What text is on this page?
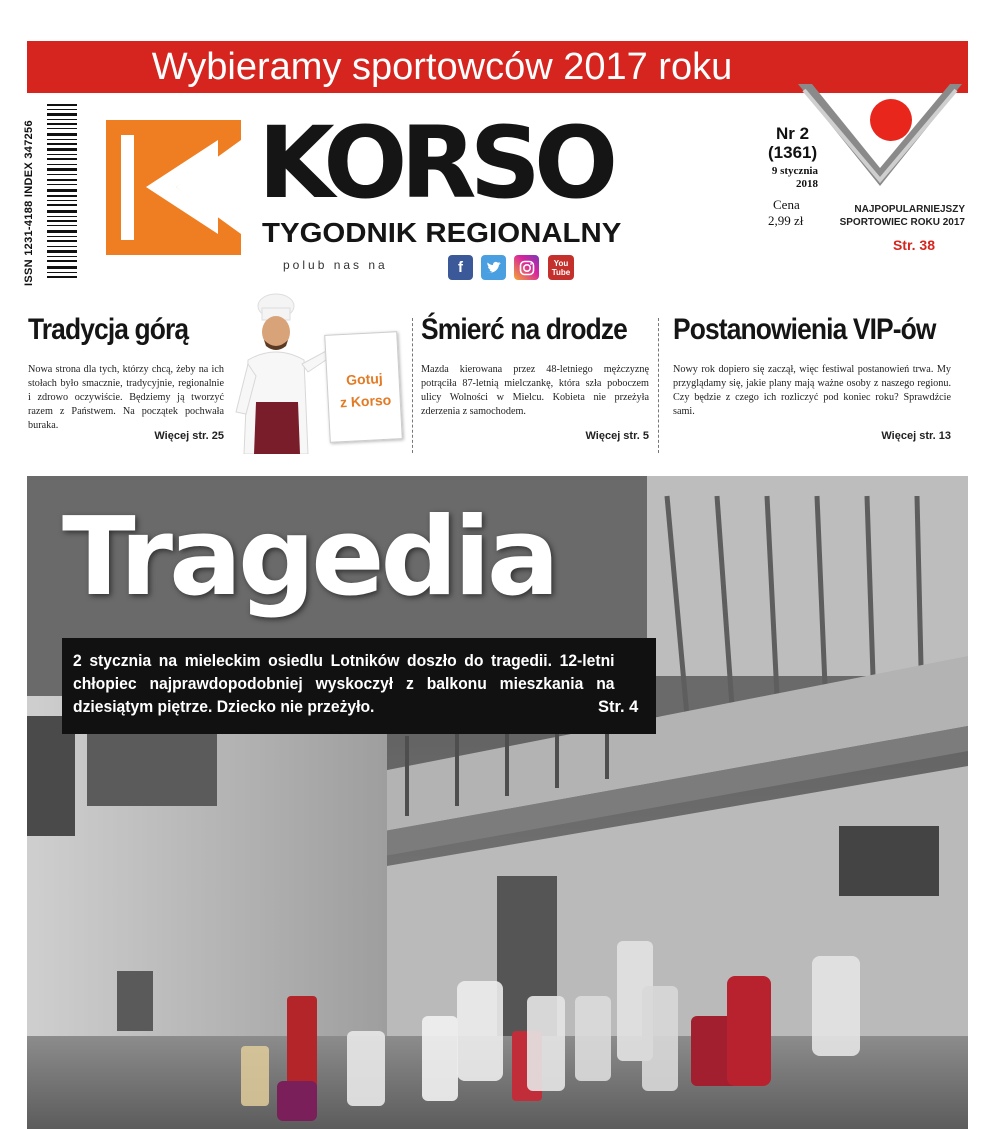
Wybieramy sportowców 2017 roku
NAJPOPULARNIEJSZY
SPORTOWIEC ROKU 2017
Str. 38
ISSN 1231-4188 INDEX 347256 KORSO
TYGODNIK REGIONALNY
polub nas na	f	You
Tube
Nr 2
(1361)
9 stycznia 2018
Cena
2,99 zł
Tradycja górą
Nowa strona dla tych, którzy chcą, żeby na ich stołach było smacznie, tradycyjnie, regionalnie i zdrowo oczywiście. Będziemy ją tworzyć razem z Państwem. Na początek pochwała buraka.
Więcej str. 25
Gotuj
z Korso
Śmierć na drodze
Mazda kierowana przez 48-letniego mężczyznę potrąciła 87-letnią mielczankę, która szła poboczem ulicy Wolności w Mielcu. Kobieta nie przeżyła zderzenia z samochodem.
Więcej str. 5
Postanowienia VIP-ów
Nowy rok dopiero się zaczął, więc festiwal postanowień trwa. My przyglądamy się, jakie plany mają ważne osoby z naszego regionu. Czy będzie z czego ich rozliczyć pod koniec roku? Sprawdźcie sami.
Więcej str. 13
Tragedia
2 stycznia na mieleckim osiedlu Lotników doszło do tragedii. 12-letni chłopiec najprawdopodobniej wyskoczył z balkonu mieszkania na dziesiątym piętrze. Dziecko nie przeżyło.	Str. 4
